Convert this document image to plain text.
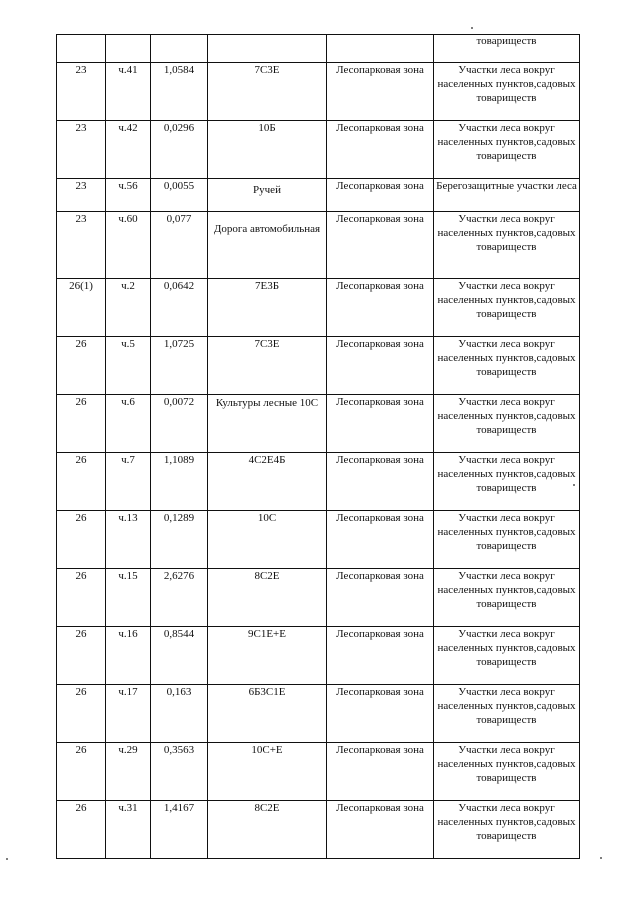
					товариществ
23	ч.41	1,0584	7С3Е	Лесопарковая зона	Участки леса вокруг населенных пунктов,садовых товариществ
23	ч.42	0,0296	10Б	Лесопарковая зона	Участки леса вокруг населенных пунктов,садовых товариществ
23	ч.56	0,0055	Ручей	Лесопарковая зона	Берегозащитные участки леса
23	ч.60	0,077	Дорога автомобильная	Лесопарковая зона	Участки леса вокруг населенных пунктов,садовых товариществ
26(1)	ч.2	0,0642	7Е3Б	Лесопарковая зона	Участки леса вокруг населенных пунктов,садовых товариществ
26	ч.5	1,0725	7С3Е	Лесопарковая зона	Участки леса вокруг населенных пунктов,садовых товариществ
26	ч.6	0,0072	Культуры лесные 10С	Лесопарковая зона	Участки леса вокруг населенных пунктов,садовых товариществ
26	ч.7	1,1089	4С2Е4Б	Лесопарковая зона	Участки леса вокруг населенных пунктов,садовых товариществ
26	ч.13	0,1289	10С	Лесопарковая зона	Участки леса вокруг населенных пунктов,садовых товариществ
26	ч.15	2,6276	8С2Е	Лесопарковая зона	Участки леса вокруг населенных пунктов,садовых товариществ
26	ч.16	0,8544	9С1Е+Е	Лесопарковая зона	Участки леса вокруг населенных пунктов,садовых товариществ
26	ч.17	0,163	6Б3С1Е	Лесопарковая зона	Участки леса вокруг населенных пунктов,садовых товариществ
26	ч.29	0,3563	10С+Е	Лесопарковая зона	Участки леса вокруг населенных пунктов,садовых товариществ
26	ч.31	1,4167	8С2Е	Лесопарковая зона	Участки леса вокруг населенных пунктов,садовых товариществ
